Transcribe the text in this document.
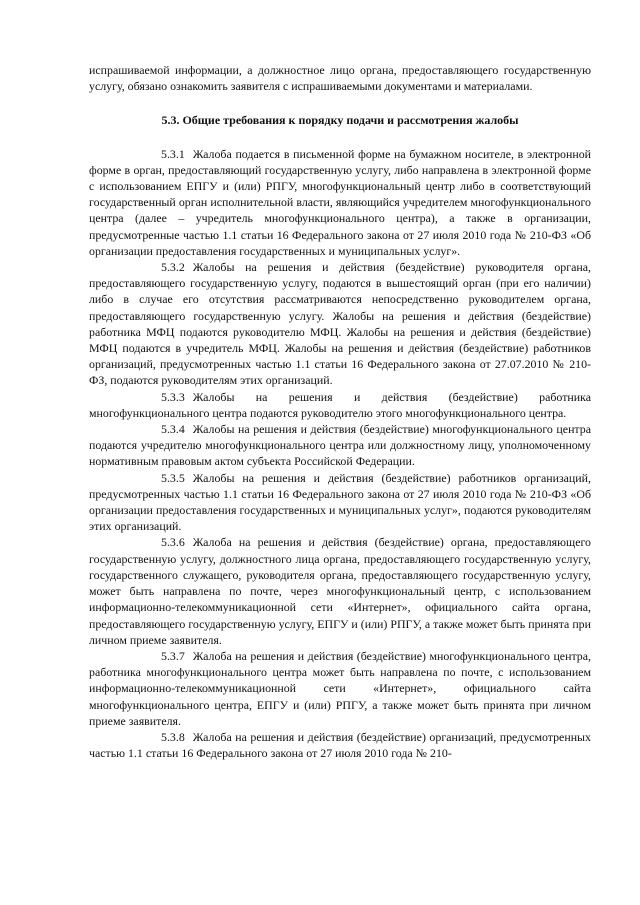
испрашиваемой информации, а должностное лицо органа, предоставляющего государственную услугу, обязано ознакомить заявителя с испрашиваемыми документами и материалами.

5.3. Общие требования к порядку подачи и рассмотрения жалобы

5.3.1 Жалоба подается в письменной форме на бумажном носителе, в электронной форме в орган, предоставляющий государственную услугу, либо направлена в электронной форме с использованием ЕПГУ и (или) РПГУ, многофункциональный центр либо в соответствующий государственный орган исполнительной власти, являющийся учредителем многофункционального центра (далее – учредитель многофункционального центра), а также в организации, предусмотренные частью 1.1 статьи 16 Федерального закона от 27 июля 2010 года № 210-ФЗ «Об организации предоставления государственных и муниципальных услуг».

5.3.2 Жалобы на решения и действия (бездействие) руководителя органа, предоставляющего государственную услугу, подаются в вышестоящий орган (при его наличии) либо в случае его отсутствия рассматриваются непосредственно руководителем органа, предоставляющего государственную услугу. Жалобы на решения и действия (бездействие) работника МФЦ подаются руководителю МФЦ. Жалобы на решения и действия (бездействие) МФЦ подаются в учредитель МФЦ. Жалобы на решения и действия (бездействие) работников организаций, предусмотренных частью 1.1 статьи 16 Федерального закона от 27.07.2010 № 210-ФЗ, подаются руководителям этих организаций.

5.3.3 Жалобы на решения и действия (бездействие) работника многофункционального центра подаются руководителю этого многофункционального центра.

5.3.4 Жалобы на решения и действия (бездействие) многофункционального центра подаются учредителю многофункционального центра или должностному лицу, уполномоченному нормативным правовым актом субъекта Российской Федерации.

5.3.5 Жалобы на решения и действия (бездействие) работников организаций, предусмотренных частью 1.1 статьи 16 Федерального закона от 27 июля 2010 года № 210-ФЗ «Об организации предоставления государственных и муниципальных услуг», подаются руководителям этих организаций.

5.3.6 Жалоба на решения и действия (бездействие) органа, предоставляющего государственную услугу, должностного лица органа, предоставляющего государственную услугу, государственного служащего, руководителя органа, предоставляющего государственную услугу, может быть направлена по почте, через многофункциональный центр, с использованием информационно-телекоммуникационной сети «Интернет», официального сайта органа, предоставляющего государственную услугу, ЕПГУ и (или) РПГУ, а также может быть принята при личном приеме заявителя.

5.3.7 Жалоба на решения и действия (бездействие) многофункционального центра, работника многофункционального центра может быть направлена по почте, с использованием информационно-телекоммуникационной сети «Интернет», официального сайта многофункционального центра, ЕПГУ и (или) РПГУ, а также может быть принята при личном приеме заявителя.

5.3.8 Жалоба на решения и действия (бездействие) организаций, предусмотренных частью 1.1 статьи 16 Федерального закона от 27 июля 2010 года № 210-
